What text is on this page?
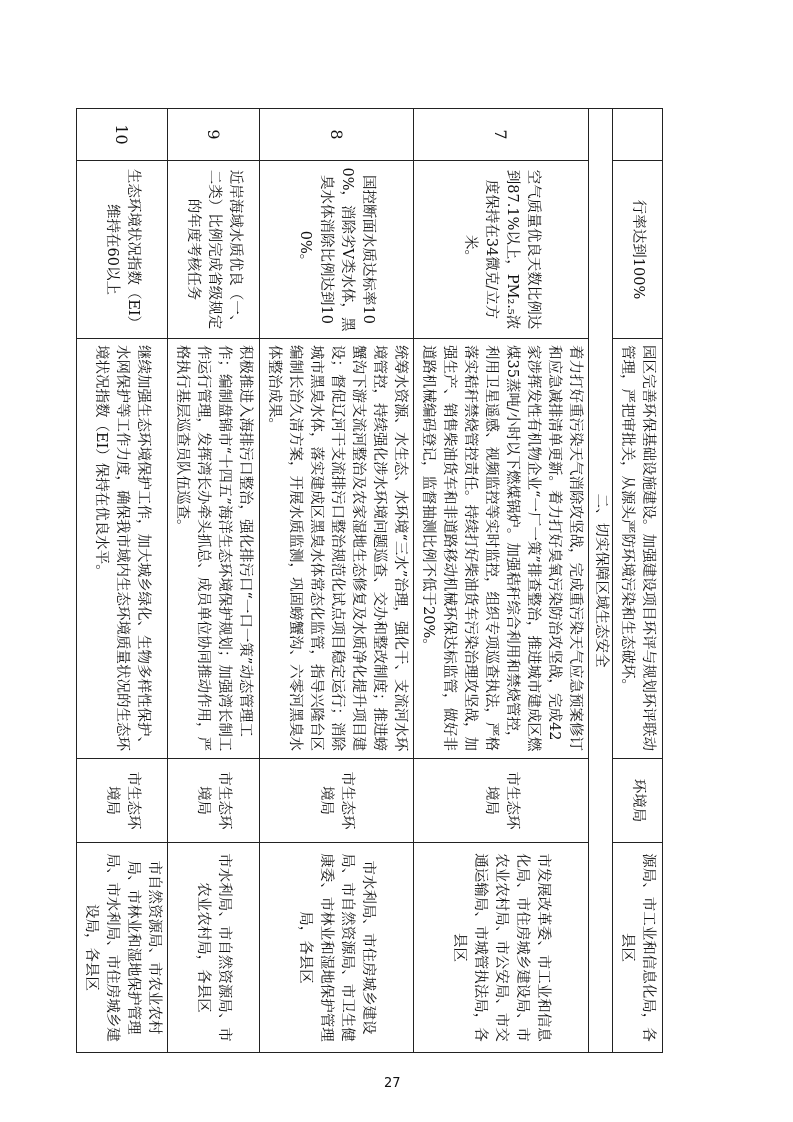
	行率达到100%	园区完善环保基础设施建设。加强建设项目环评与规划环评联动管理，严把审批关，从源头严防环境污染和生态破坏。	环境局	源局、市工业和信息化局，各县区
二、切实保障区域生态安全				
7	空气质量优良天数比例达到87.1%以上，PM₂.₅浓度保持在34微克/立方米。	着力打好重污染天气消除攻坚战，完成重污染天气应急预案修订和应急减排清单更新。着力打好臭氧污染防治攻坚战，完成42家涉挥发性有机物企业“一厂一策”排查整治，推进城市建成区燃煤35蒸吨/小时以下燃煤锅炉。加强秸秆综合利用和禁烧管控，利用卫星遥感、视频监控等实时监控，组织专项巡查执法，严格落实秸秆禁烧管控责任。持续打好柴油货车污染治理攻坚战，加强生产、销售柴油货车和非道路移动机械环保达标监管，做好非道路机械编码登记，监督抽测比例不低于20%。	市生态环境局	市发展改革委、市工业和信息化局、市住房城乡建设局、市农业农村局、市公安局、市交通运输局、市城管执法局，各县区
8	国控断面水质达标率100%，消除劣V类水体，黑臭水体消除比例达到100%。	统筹水资源、水生态、水环境“三水”治理，强化干、支流河水环境管控，持续强化涉水环境问题巡查、交办和整改制度；推进螃蟹沟下游支流河整治及农家湿地生态修复及水质净化提升项目建设；督促辽河干支流排污口整治规范化试点项目稳定运行；消除城市黑臭水体，落实建成区黑臭水体常态化监管，指导兴隆台区编制长治久清方案，开展水质监测，巩固螃蟹沟、六零河黑臭水体整治成果。	市生态环境局	市水利局、市住房城乡建设局、市自然资源局、市卫生健康委、市林业和湿地保护管理局，各县区
9	近岸海域水质优良（一、二类）比例完成省级规定的年度考核任务	积极推进入海排污口整治，强化排污口“一口一策”动态管理工作；编制盘锦市“十四五”海洋生态环境保护规划；加强湾长制工作运行管理，发挥湾长办牵头抓总、成员单位协同推动作用，严格执行基层巡查员队伍巡查。	市生态环境局	市水利局、市自然资源局、市农业农村局，各县区
10	生态环境状况指数（EI）维持在60以上	继续加强生态环境保护工作，加大城乡绿化、生物多样性保护、水网保护等工作力度，确保我市域内生态环境质量状况的生态环境状况指数（EI）保持在优良水平。	市生态环境局	市自然资源局、市农业农村局、市林业和湿地保护管理局、市水利局、市住房城乡建设局，各县区
27
